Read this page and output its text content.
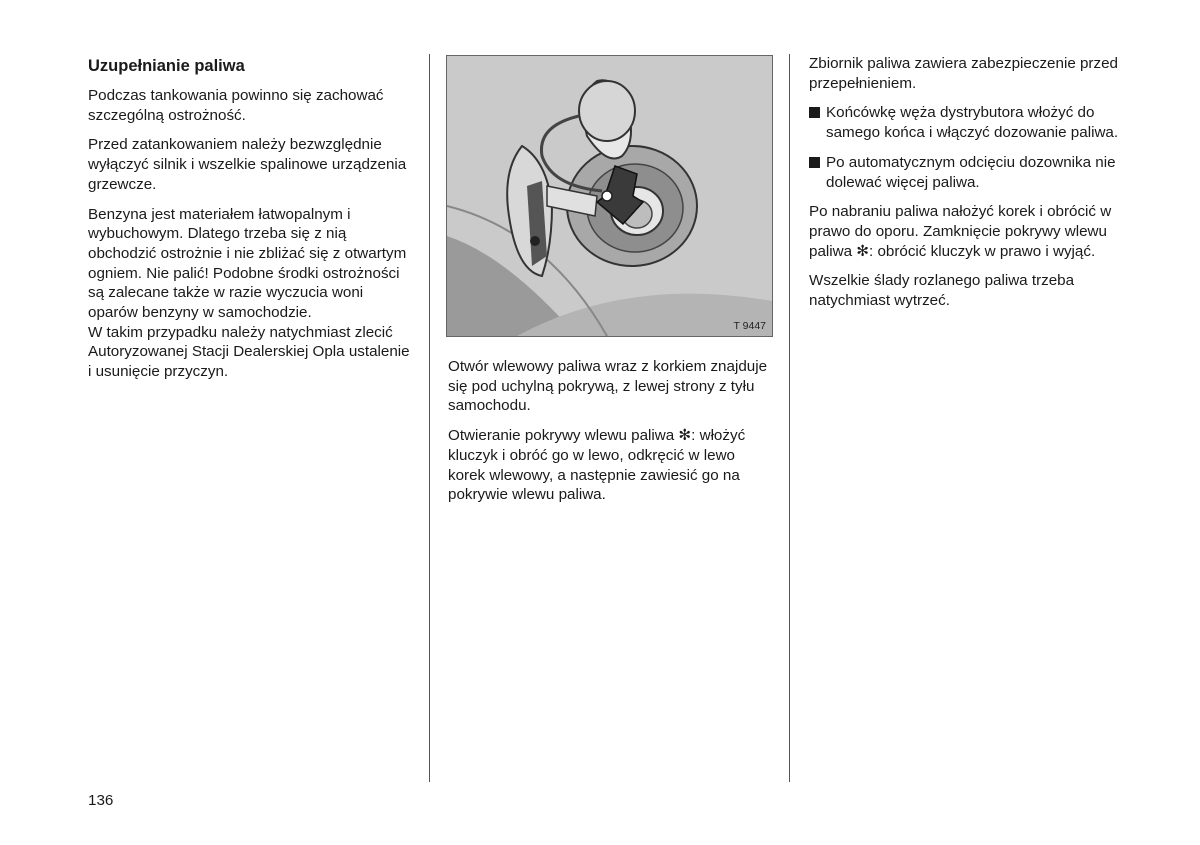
Uzupełnianie paliwa

Podczas tankowania powinno się zachować szczególną ostrożność.

Przed zatankowaniem należy bezwzględnie wyłączyć silnik i wszelkie spalinowe urządzenia grzewcze.

Benzyna jest materiałem łatwopalnym i wybuchowym. Dlatego trzeba się z nią obchodzić ostrożnie i nie zbliżać się z otwartym ogniem. Nie palić! Podobne środki ostrożności są zalecane także w razie wyczucia woni oparów benzyny w samochodzie.

W takim przypadku należy natychmiast zlecić Autoryzowanej Stacji Dealerskiej Opla ustalenie i usunięcie przyczyn.

T 9447

Otwór wlewowy paliwa wraz z korkiem znajduje się pod uchylną pokrywą, z lewej strony z tyłu samochodu.

Otwieranie pokrywy wlewu paliwa ✻: włożyć kluczyk i obróć go w lewo, odkręcić w lewo korek wlewowy, a następnie zawiesić go na pokrywie wlewu paliwa.

Zbiornik paliwa zawiera zabezpieczenie przed przepełnieniem.

Końcówkę węża dystrybutora włożyć do samego końca i włączyć dozowanie paliwa.
Po automatycznym odcięciu dozownika nie dolewać więcej paliwa.

Po nabraniu paliwa nałożyć korek i obrócić w prawo do oporu. Zamknięcie pokrywy wlewu paliwa ✻: obrócić kluczyk w prawo i wyjąć.

Wszelkie ślady rozlanego paliwa trzeba natychmiast wytrzeć.

136
